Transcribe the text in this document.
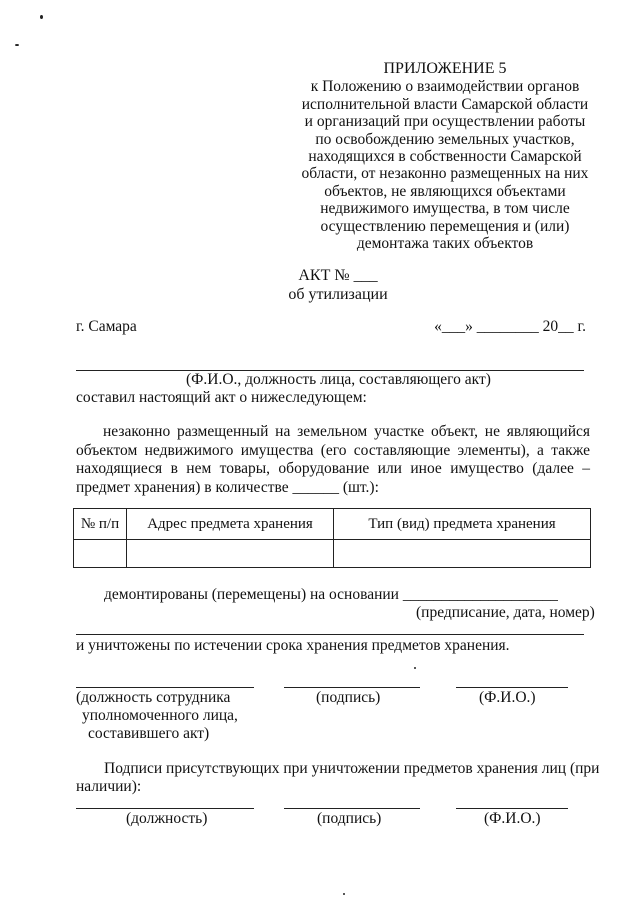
ПРИЛОЖЕНИЕ 5
к Положению о взаимодействии органов
исполнительной власти Самарской области
и организаций при осуществлении работы
по освобождению земельных участков,
находящихся в собственности Самарской
области, от незаконно размещенных на них
объектов, не являющихся объектами
недвижимого имущества, в том числе
осуществлению перемещения и (или)
демонтажа таких объектов
АКТ № ___
об утилизации
г. Самара	«___» ________ 20__ г.
(Ф.И.О., должность лица, составляющего акт)
составил настоящий акт о нижеследующем:
незаконно размещенный на земельном участке объект, не являющийся объектом недвижимого имущества (его составляющие элементы), а также находящиеся в нем товары, оборудование или иное имущество (далее – предмет хранения) в количестве ______ (шт.):
№ п/п	Адрес предмета хранения	Тип (вид) предмета хранения

демонтированы (перемещены) на основании ____________________
(предписание, дата, номер)
и уничтожены по истечении срока хранения предметов хранения.
(должность сотрудника
уполномоченного лица,
составившего акт)
(подпись)	(Ф.И.О.)
Подписи присутствующих при уничтожении предметов хранения лиц (при
наличии):
(должность)	(подпись)	(Ф.И.О.)
